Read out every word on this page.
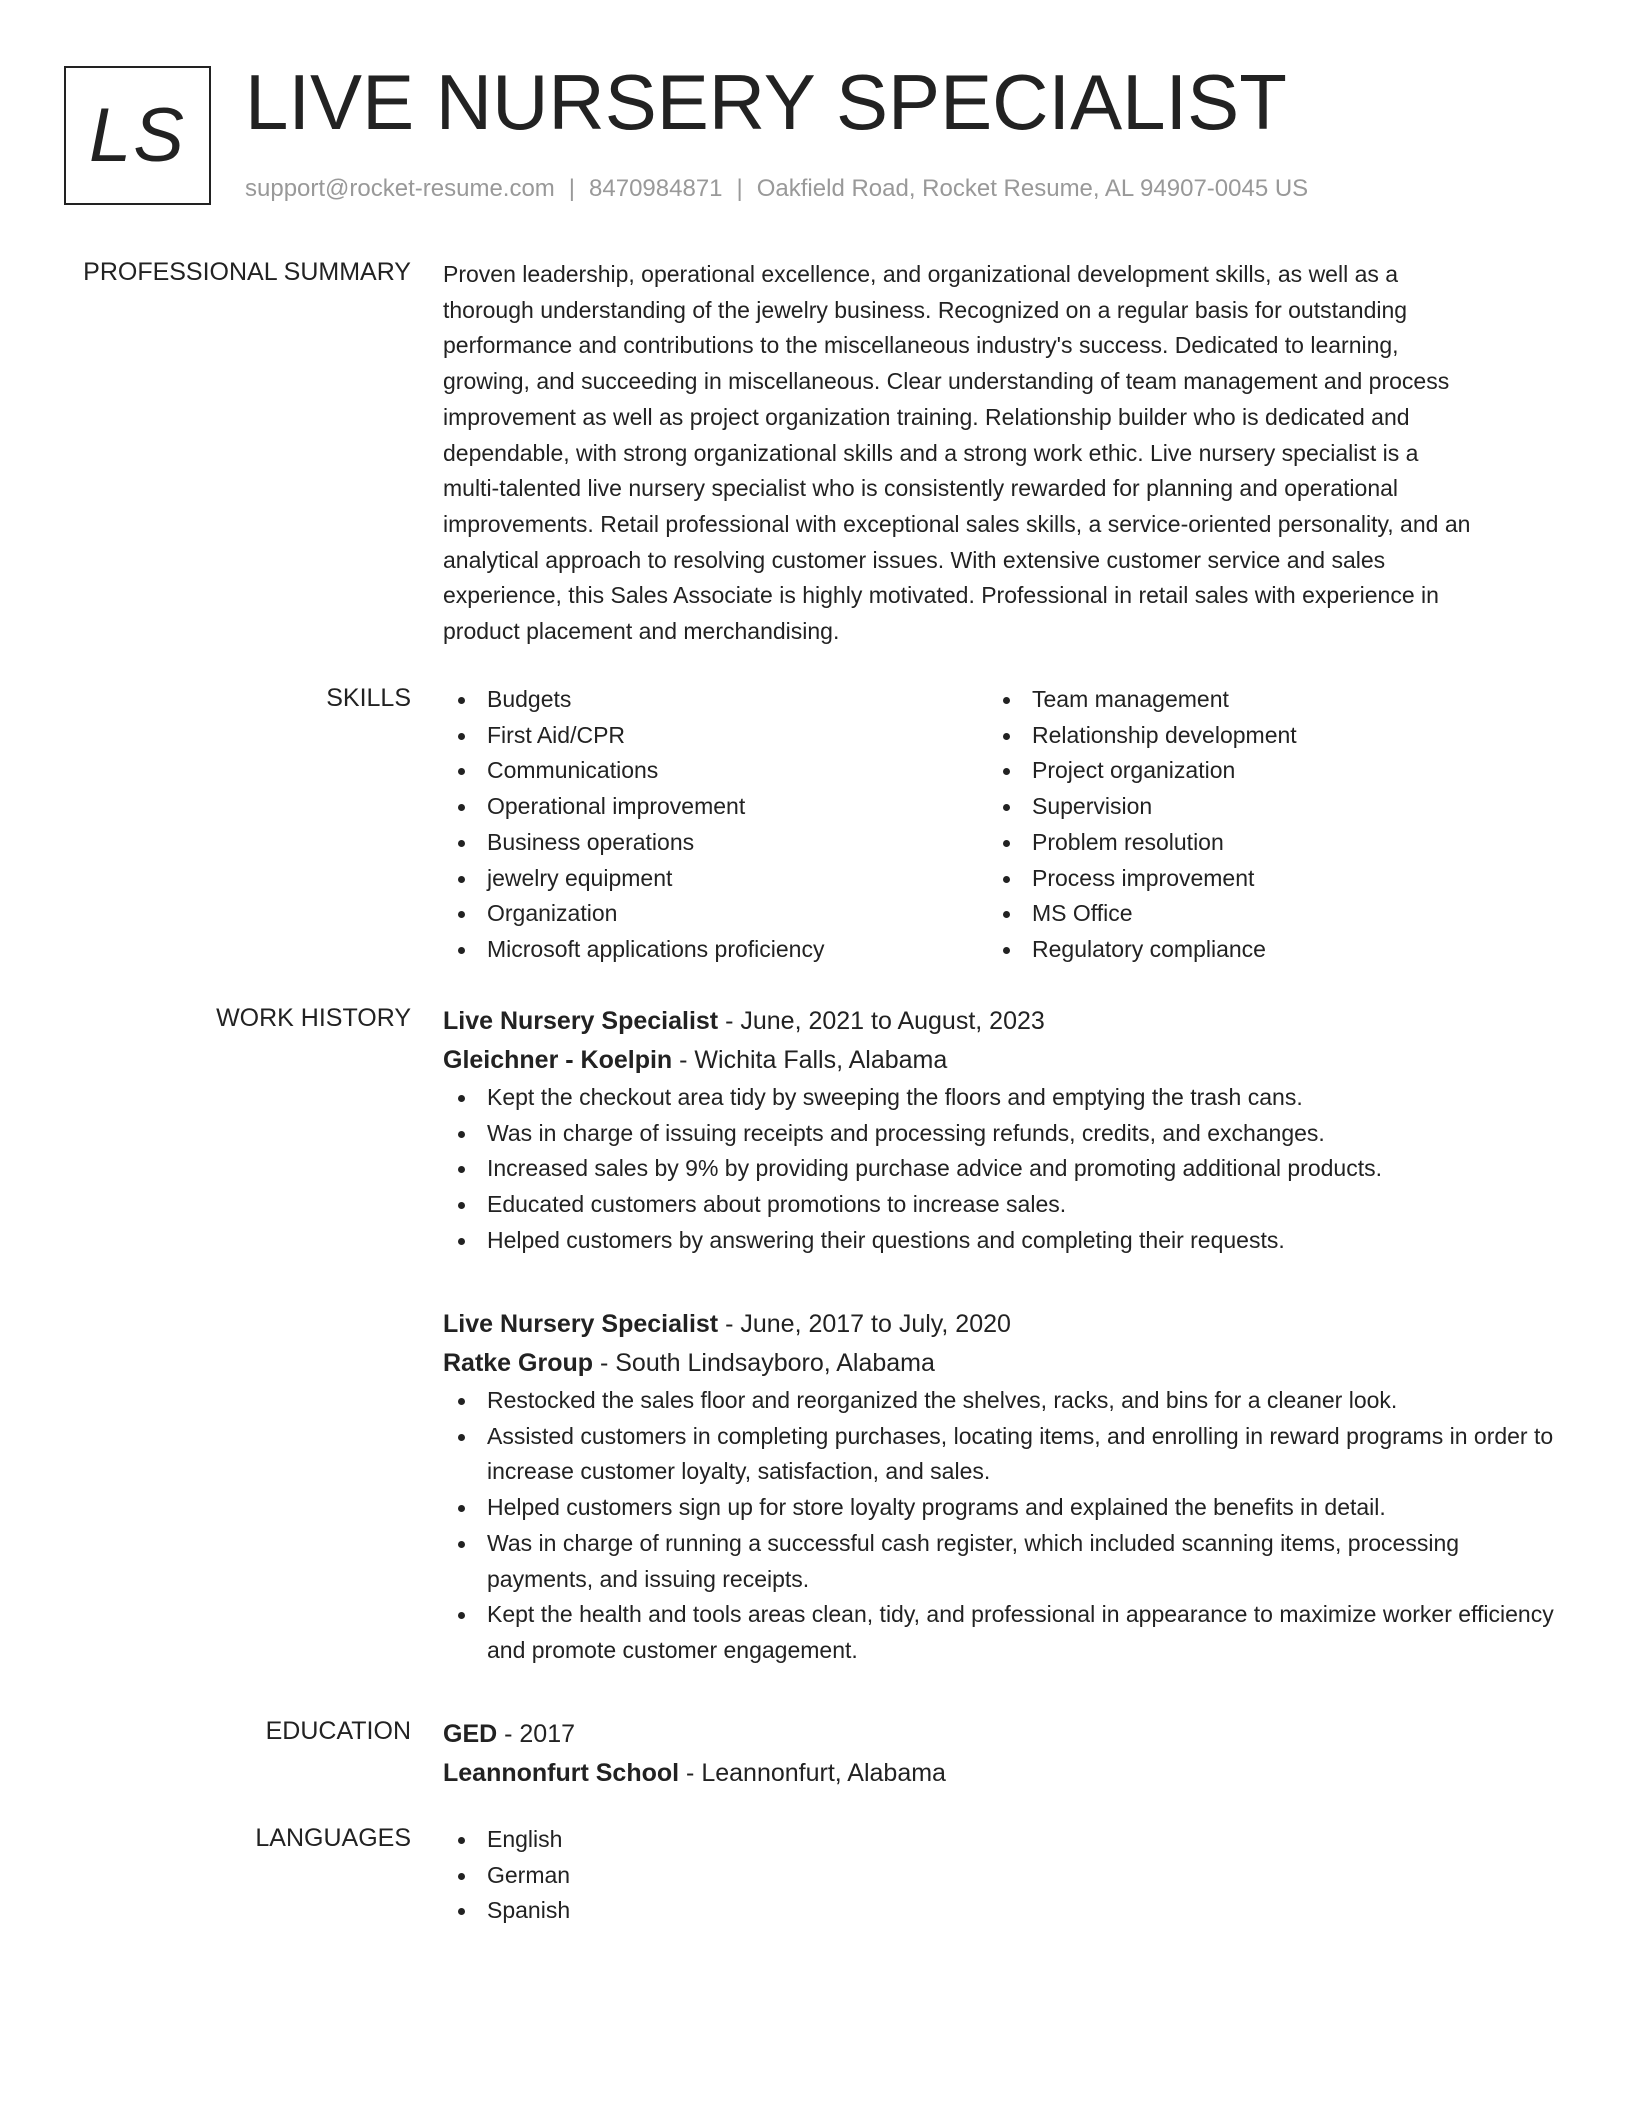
LS LIVE NURSERY SPECIALIST
support@rocket-resume.com | 8470984871 | Oakfield Road, Rocket Resume, AL 94907-0045 US
PROFESSIONAL SUMMARY Proven leadership, operational excellence, and organizational development skills, as well as a
thorough understanding of the jewelry business. Recognized on a regular basis for outstanding
performance and contributions to the miscellaneous industry's success. Dedicated to learning,
growing, and succeeding in miscellaneous. Clear understanding of team management and process
improvement as well as project organization training. Relationship builder who is dedicated and
dependable, with strong organizational skills and a strong work ethic. Live nursery specialist is a
multi-talented live nursery specialist who is consistently rewarded for planning and operational
improvements. Retail professional with exceptional sales skills, a service-oriented personality, and an
analytical approach to resolving customer issues. With extensive customer service and sales
experience, this Sales Associate is highly motivated. Professional in retail sales with experience in
product placement and merchandising.

SKILLS	Budgets
First Aid/CPR
Communications
Operational improvement
Business operations
jewelry equipment
Organization
Microsoft applications proficiency
Team management
Relationship development
Project organization
Supervision
Problem resolution
Process improvement
MS Office
Regulatory compliance
WORK HISTORY Live Nursery Specialist - June, 2021 to August, 2023
Gleichner - Koelpin - Wichita Falls, Alabama
Kept the checkout area tidy by sweeping the floors and emptying the trash cans.
Was in charge of issuing receipts and processing refunds, credits, and exchanges.
Increased sales by 9% by providing purchase advice and promoting additional products.
Educated customers about promotions to increase sales.
Helped customers by answering their questions and completing their requests.
Live Nursery Specialist - June, 2017 to July, 2020
Ratke Group - South Lindsayboro, Alabama
Restocked the sales floor and reorganized the shelves, racks, and bins for a cleaner look.
Assisted customers in completing purchases, locating items, and enrolling in reward programs in order to increase customer loyalty, satisfaction, and sales.
Helped customers sign up for store loyalty programs and explained the benefits in detail.
Was in charge of running a successful cash register, which included scanning items, processing payments, and issuing receipts.
Kept the health and tools areas clean, tidy, and professional in appearance to maximize worker efficiency and promote customer engagement.
EDUCATION GED - 2017
Leannonfurt School - Leannonfurt, Alabama
LANGUAGES	English
German
Spanish
